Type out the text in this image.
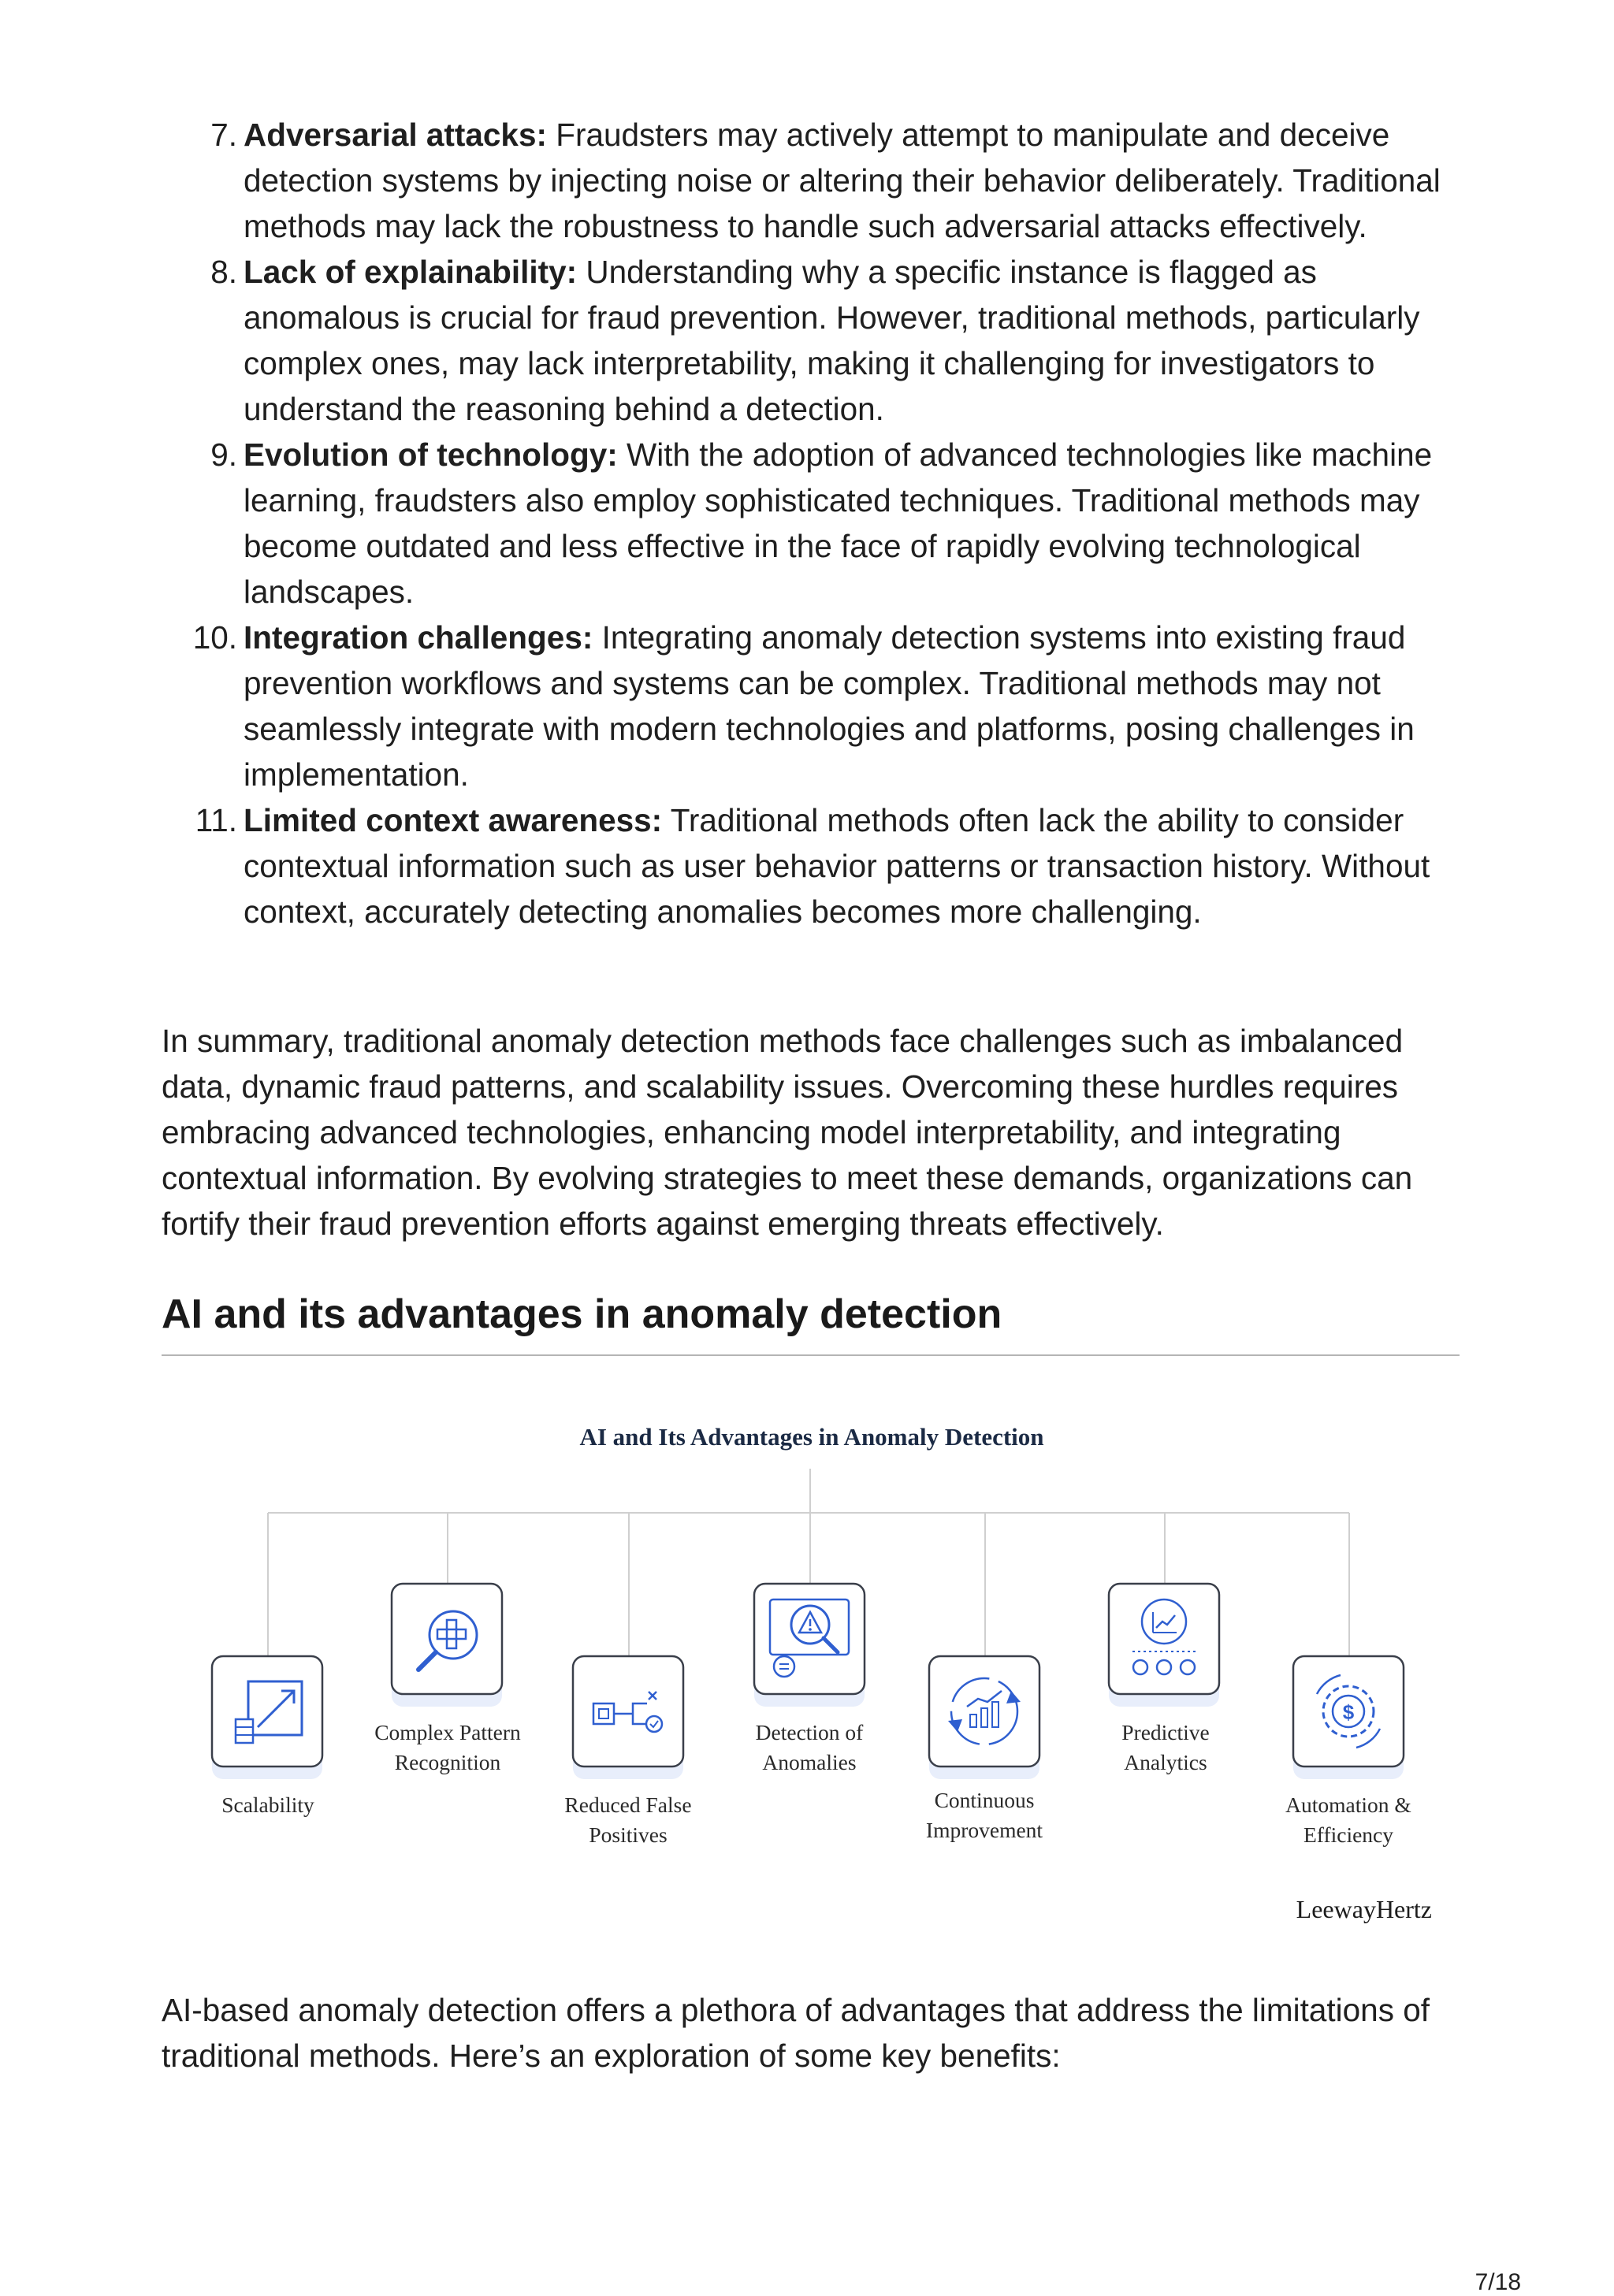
7. Adversarial attacks: Fraudsters may actively attempt to manipulate and deceive detection systems by injecting noise or altering their behavior deliberately. Traditional methods may lack the robustness to handle such adversarial attacks effectively.
8. Lack of explainability: Understanding why a specific instance is flagged as anomalous is crucial for fraud prevention. However, traditional methods, particularly complex ones, may lack interpretability, making it challenging for investigators to understand the reasoning behind a detection.
9. Evolution of technology: With the adoption of advanced technologies like machine learning, fraudsters also employ sophisticated techniques. Traditional methods may become outdated and less effective in the face of rapidly evolving technological landscapes.
10. Integration challenges: Integrating anomaly detection systems into existing fraud prevention workflows and systems can be complex. Traditional methods may not seamlessly integrate with modern technologies and platforms, posing challenges in implementation.
11. Limited context awareness: Traditional methods often lack the ability to consider contextual information such as user behavior patterns or transaction history. Without context, accurately detecting anomalies becomes more challenging.

In summary, traditional anomaly detection methods face challenges such as imbalanced data, dynamic fraud patterns, and scalability issues. Overcoming these hurdles requires embracing advanced technologies, enhancing model interpretability, and integrating contextual information. By evolving strategies to meet these demands, organizations can fortify their fraud prevention efforts against emerging threats effectively.

AI and its advantages in anomaly detection
$
AI and Its Advantages in Anomaly Detection
Scalability
Complex Pattern
Recognition
Reduced False
Positives
Detection of
Anomalies
Continuous
Improvement
Predictive
Analytics
Automation &
Efficiency
LeewayHertz

AI-based anomaly detection offers a plethora of advantages that address the limitations of traditional methods. Here’s an exploration of some key benefits:

7/18
